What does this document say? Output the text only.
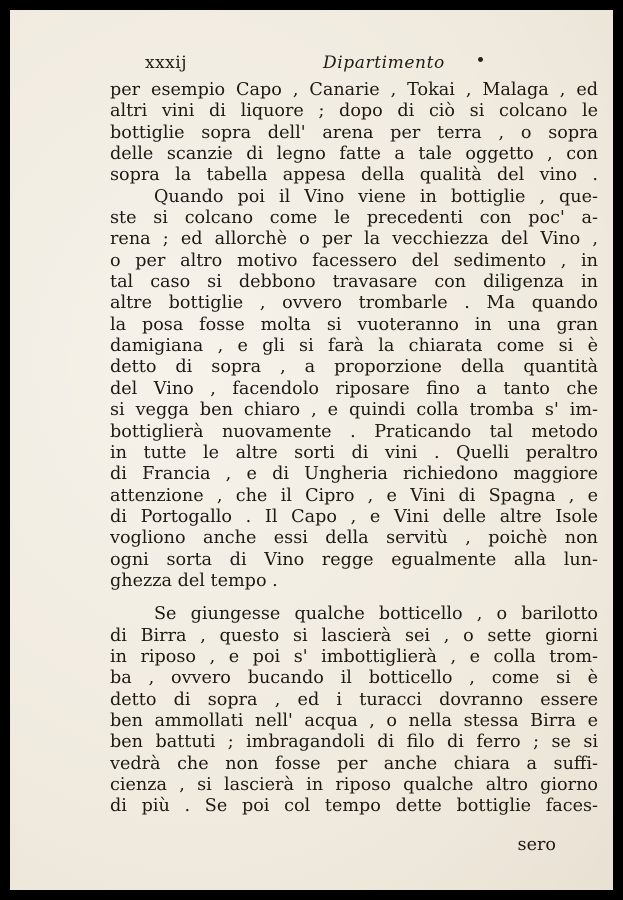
xxxij	Dipartimento
per esempio Capo , Canarie , Tokai , Malaga , ed
altri vini di liquore ; dopo di ciò si colcano le
bottiglie sopra dell' arena per terra , o sopra
delle scanzie di legno fatte a tale oggetto , con
sopra la tabella appesa della qualità del vino .
Quando poi il Vino viene in bottiglie , que-
ste si colcano come le precedenti con poc' a-
rena ; ed allorchè o per la vecchiezza del Vino ,
o per altro motivo facessero del sedimento , in
tal caso si debbono travasare con diligenza in
altre bottiglie , ovvero trombarle . Ma quando
la posa fosse molta si vuoteranno in una gran
damigiana , e gli si farà la chiarata come si è
detto di sopra , a proporzione della quantità
del Vino , facendolo riposare fino a tanto che
si vegga ben chiaro , e quindi colla tromba s' im-
bottiglierà nuovamente . Praticando tal metodo
in tutte le altre sorti di vini . Quelli peraltro
di Francia , e di Ungheria richiedono maggiore
attenzione , che il Cipro , e Vini di Spagna , e
di Portogallo . Il Capo , e Vini delle altre Isole
vogliono anche essi della servitù , poichè non
ogni sorta di Vino regge egualmente alla lun-
ghezza del tempo .
Se giungesse qualche botticello , o barilotto
di Birra , questo si lascierà sei , o sette giorni
in riposo , e poi s' imbottiglierà , e colla trom-
ba , ovvero bucando il botticello , come si è
detto di sopra , ed i turacci dovranno essere
ben ammollati nell' acqua , o nella stessa Birra e
ben battuti ; imbragandoli di filo di ferro ; se si
vedrà che non fosse per anche chiara a suffi-
cienza , si lascierà in riposo qualche altro giorno
di più . Se poi col tempo dette bottiglie faces-
sero
